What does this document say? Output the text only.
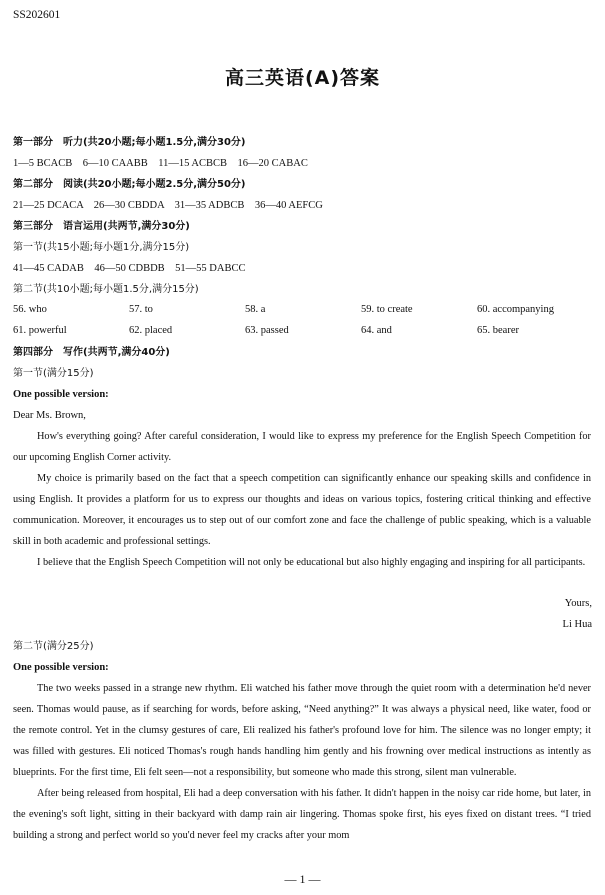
SS202601
高三英语(A)答案
第一部分　听力(共20小题;每小题1.5分,满分30分)
1—5 BCACB　6—10 CAABB　11—15 ACBCB　16—20 CABAC
第二部分　阅读(共20小题;每小题2.5分,满分50分)
21—25 DCACA　26—30 CBDDA　31—35 ADBCB　36—40 AEFCG
第三部分　语言运用(共两节,满分30分)
第一节(共15小题;每小题1分,满分15分)
41—45 CADAB　46—50 CDBDB　51—55 DABCC
第二节(共10小题;每小题1.5分,满分15分)
56. who	57. to	58. a	59. to create	60. accompanying
61. powerful	62. placed	63. passed	64. and	65. bearer
第四部分　写作(共两节,满分40分)
第一节(满分15分)
One possible version:
Dear Ms. Brown,

How's everything going? After careful consideration, I would like to express my preference for the English Speech Competition for our upcoming English Corner activity.

My choice is primarily based on the fact that a speech competition can significantly enhance our speaking skills and confidence in using English. It provides a platform for us to express our thoughts and ideas on various topics, fostering critical thinking and effective communication. Moreover, it encourages us to step out of our comfort zone and face the challenge of public speaking, which is a valuable skill in both academic and professional settings.

I believe that the English Speech Competition will not only be educational but also highly engaging and inspiring for all participants.

Yours,
Li Hua
第二节(满分25分)
One possible version:

The two weeks passed in a strange new rhythm. Eli watched his father move through the quiet room with a determination he'd never seen. Thomas would pause, as if searching for words, before asking, “Need anything?” It was always a physical need, like water, food or the remote control. Yet in the clumsy gestures of care, Eli realized his father's profound love for him. The silence was no longer empty; it was filled with gestures. Eli noticed Thomas's rough hands handling him gently and his frowning over medical instructions as intently as blueprints. For the first time, Eli felt seen—not a responsibility, but someone who made this strong, silent man vulnerable.

After being released from hospital, Eli had a deep conversation with his father. It didn't happen in the noisy car ride home, but later, in the evening's soft light, sitting in their backyard with damp rain air lingering. Thomas spoke first, his eyes fixed on distant trees. “I tried building a strong and perfect world so you'd never feel my cracks after your mom

— 1 —
